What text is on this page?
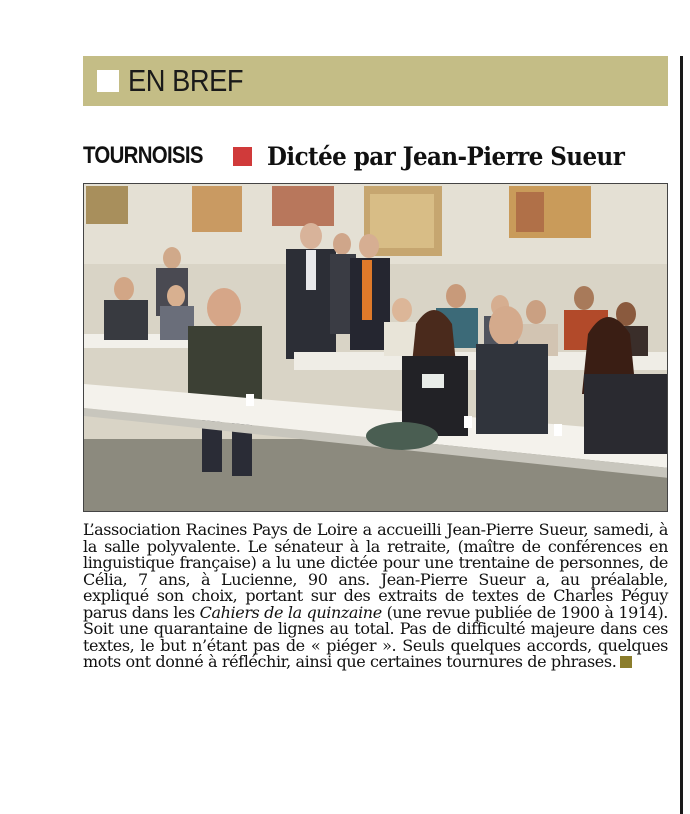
EN BREF
TOURNOISIS	Dictée par Jean-Pierre Sueur
L’association Racines Pays de Loire a accueilli Jean-Pierre Sueur, samedi, à la salle polyvalente. Le sénateur à la retraite, (maître de conférences en linguistique française) a lu une dictée pour une trentaine de personnes, de Célia, 7 ans, à Lucienne, 90 ans. Jean-Pierre Sueur a, au préalable, expliqué son choix, portant sur des extraits de textes de Charles Péguy parus dans les Cahiers de la quinzaine (une revue publiée de 1900 à 1914). Soit une quarantaine de lignes au total. Pas de difficulté majeure dans ces textes, le but n’étant pas de « piéger ». Seuls quelques accords, quelques mots ont donné à réfléchir, ainsi que certaines tournures de phrases.
